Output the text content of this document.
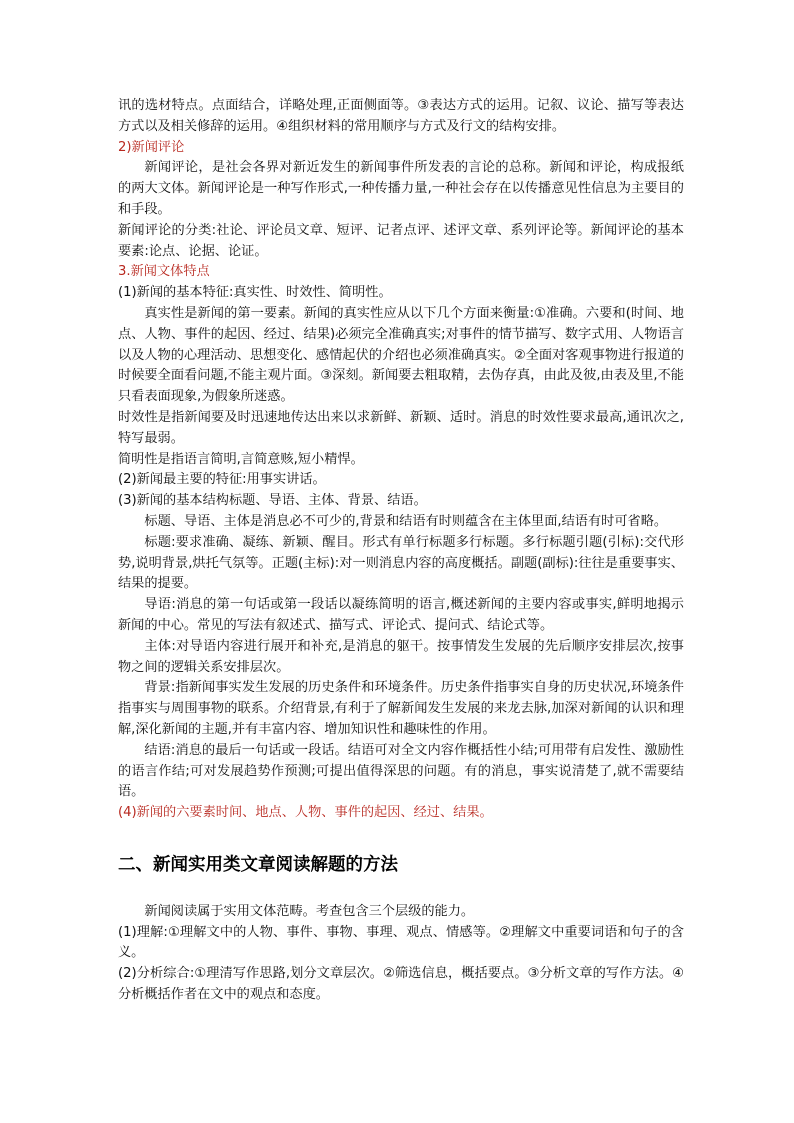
讯的选材特点。点面结合，详略处理,正面侧面等。③表达方式的运用。记叙、议论、描写等表达方式以及相关修辞的运用。④组织材料的常用顺序与方式及行文的结构安排。

2)新闻评论

新闻评论，是社会各界对新近发生的新闻事件所发表的言论的总称。新闻和评论，构成报纸的两大文体。新闻评论是一种写作形式,一种传播力量,一种社会存在以传播意见性信息为主要目的和手段。

新闻评论的分类:社论、评论员文章、短评、记者点评、述评文章、系列评论等。新闻评论的基本要素:论点、论据、论证。

3.新闻文体特点

(1)新闻的基本特征:真实性、时效性、简明性。

真实性是新闻的第一要素。新闻的真实性应从以下几个方面来衡量:①准确。六要和(时间、地点、人物、事件的起因、经过、结果)必须完全准确真实;对事件的情节描写、数字式用、人物语言以及人物的心理活动、思想变化、感情起伏的介绍也必须准确真实。②全面对客观事物进行报道的时候要全面看问题,不能主观片面。③深刻。新闻要去粗取精，去伪存真，由此及彼,由表及里,不能只看表面现象,为假象所迷惑。

时效性是指新闻要及时迅速地传达出来以求新鲜、新颖、适时。消息的时效性要求最高,通讯次之,特写最弱。

简明性是指语言简明,言简意赅,短小精悍。

(2)新闻最主要的特征:用事实讲话。

(3)新闻的基本结构标题、导语、主体、背景、结语。

标题、导语、主体是消息必不可少的,背景和结语有时则蕴含在主体里面,结语有时可省略。

标题:要求准确、凝练、新颖、醒目。形式有单行标题多行标题。多行标题引题(引标):交代形势,说明背景,烘托气氛等。正题(主标):对一则消息内容的高度概括。副题(副标):往往是重要事实、结果的提要。

导语:消息的第一句话或第一段话以凝练简明的语言,概述新闻的主要内容或事实,鲜明地揭示新闻的中心。常见的写法有叙述式、描写式、评论式、提问式、结论式等。

主体:对导语内容进行展开和补充,是消息的躯干。按事情发生发展的先后顺序安排层次,按事物之间的逻辑关系安排层次。

背景:指新闻事实发生发展的历史条件和环境条件。历史条件指事实自身的历史状况,环境条件指事实与周围事物的联系。介绍背景,有利于了解新闻发生发展的来龙去脉,加深对新闻的认识和理解,深化新闻的主题,并有丰富内容、增加知识性和趣味性的作用。

结语:消息的最后一句话或一段话。结语可对全文内容作概括性小结;可用带有启发性、激励性的语言作结;可对发展趋势作预测;可提出值得深思的问题。有的消息，事实说清楚了,就不需要结语。

(4)新闻的六要素时间、地点、人物、事件的起因、经过、结果。

二、新闻实用类文章阅读解题的方法

新闻阅读属于实用文体范畴。考查包含三个层级的能力。

(1)理解:①理解文中的人物、事件、事物、事理、观点、情感等。②理解文中重要词语和句子的含义。

(2)分析综合:①理清写作思路,划分文章层次。②筛选信息，概括要点。③分析文章的写作方法。④分析概括作者在文中的观点和态度。
